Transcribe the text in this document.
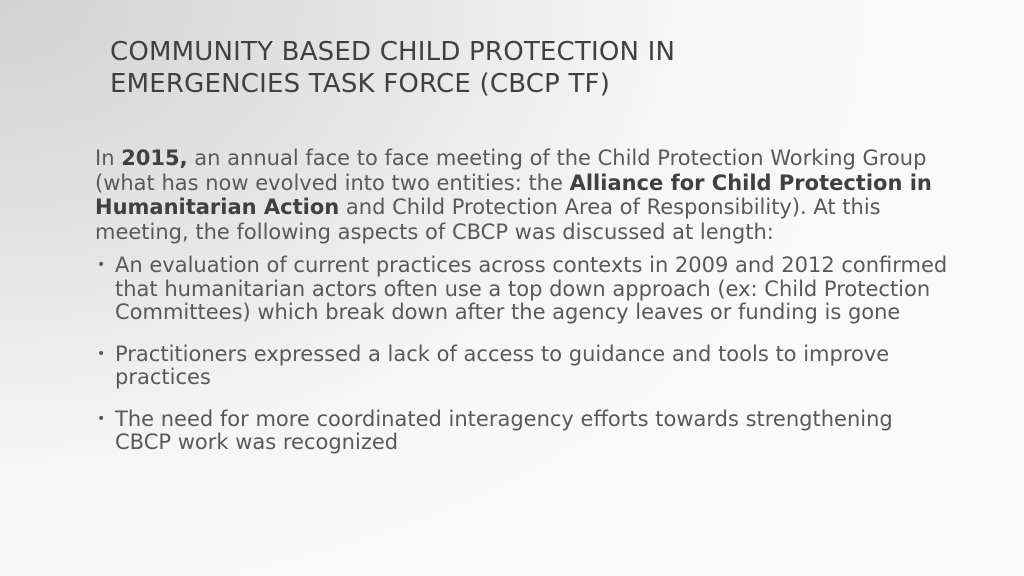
COMMUNITY BASED CHILD PROTECTION IN
EMERGENCIES TASK FORCE (CBCP TF)

In 2015, an annual face to face meeting of the Child Protection Working Group (what has now evolved into two entities: the Alliance for Child Protection in Humanitarian Action and Child Protection Area of Responsibility). At this meeting, the following aspects of CBCP was discussed at length:

• An evaluation of current practices across contexts in 2009 and 2012 confirmed that humanitarian actors often use a top down approach (ex: Child Protection Committees) which break down after the agency leaves or funding is gone
• Practitioners expressed a lack of access to guidance and tools to improve practices
• The need for more coordinated interagency efforts towards strengthening CBCP work was recognized
